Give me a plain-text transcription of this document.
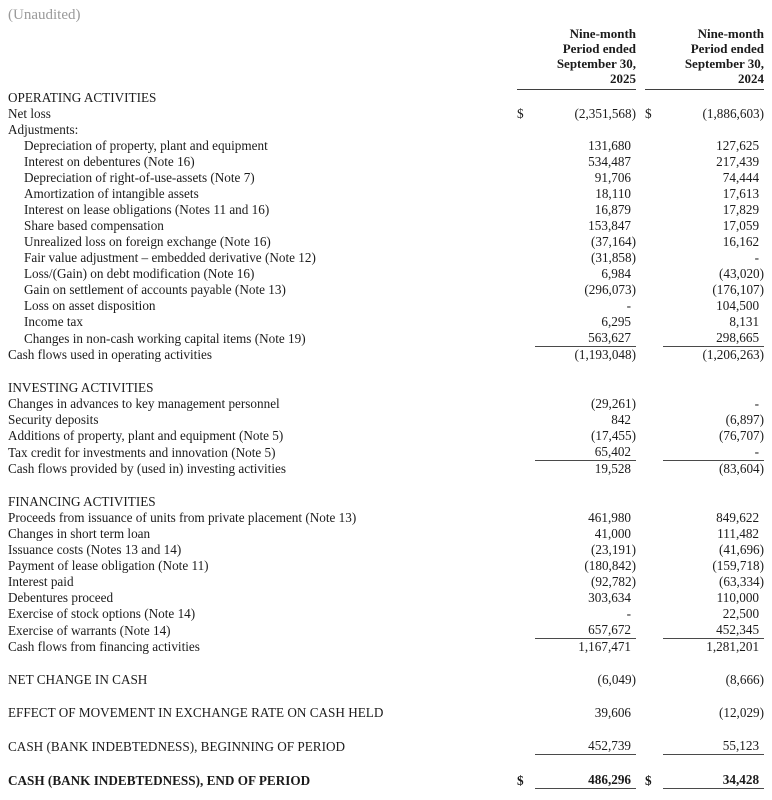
(Unaudited)

Nine-month
Period ended
September 30,
2025

Nine-month
Period ended
September 30,
2024

OPERATING ACTIVITIES					
Net loss	$	(2,351,568)		$	(1,886,603)
Adjustments:					
Depreciation of property, plant and equipment		131,680			127,625
Interest on debentures (Note 16)		534,487			217,439
Depreciation of right-of-use-assets (Note 7)		91,706			74,444
Amortization of intangible assets		18,110			17,613
Interest on lease obligations (Notes 11 and 16)		16,879			17,829
Share based compensation		153,847			17,059
Unrealized loss on foreign exchange (Note 16)		(37,164)			16,162
Fair value adjustment – embedded derivative (Note 12)		(31,858)			-
Loss/(Gain) on debt modification (Note 16)		6,984			(43,020)
Gain on settlement of accounts payable (Note 13)		(296,073)			(176,107)
Loss on asset disposition		-			104,500
Income tax		6,295			8,131
Changes in non-cash working capital items (Note 19)		563,627			298,665
Cash flows used in operating activities		(1,193,048)			(1,206,263)

INVESTING ACTIVITIES					
Changes in advances to key management personnel		(29,261)			-
Security deposits		842			(6,897)
Additions of property, plant and equipment (Note 5)		(17,455)			(76,707)
Tax credit for investments and innovation (Note 5)		65,402			-
Cash flows provided by (used in) investing activities		19,528			(83,604)

FINANCING ACTIVITIES					
Proceeds from issuance of units from private placement (Note 13)		461,980			849,622
Changes in short term loan		41,000			111,482
Issuance costs (Notes 13 and 14)		(23,191)			(41,696)
Payment of lease obligation (Note 11)		(180,842)			(159,718)
Interest paid		(92,782)			(63,334)
Debentures proceed		303,634			110,000
Exercise of stock options (Note 14)		-			22,500
Exercise of warrants (Note 14)		657,672			452,345
Cash flows from financing activities		1,167,471			1,281,201

NET CHANGE IN CASH		(6,049)			(8,666)

EFFECT OF MOVEMENT IN EXCHANGE RATE ON CASH HELD		39,606			(12,029)

CASH (BANK INDEBTEDNESS), BEGINNING OF PERIOD		452,739			55,123

CASH (BANK INDEBTEDNESS), END OF PERIOD	$	486,296		$	34,428
